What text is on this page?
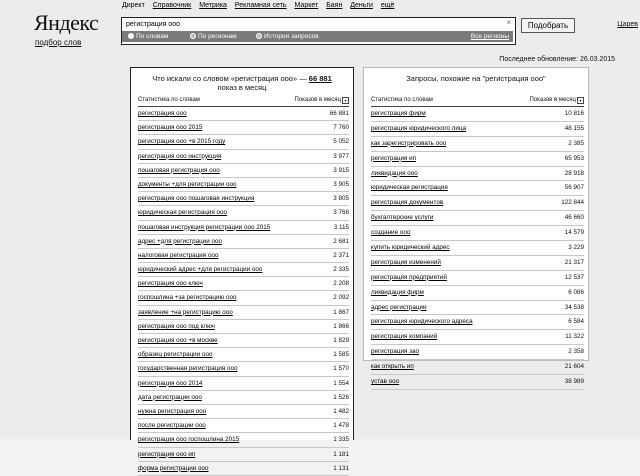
Директ Справочник Метрика Рекламная сеть Маркет Баян Деньги ещё
Царев
Яндекс
подбор слов
регистрация ооо
×
По словам	По регионам	История запросов	Все регионы
Подобрать
Последнее обновление: 26.03.2015
Что искали со словом «регистрация ооо» — 66 881
показ в месяц
Статистика по словам	Показов в месяц ▾
регистрация ооо	66 881
регистрация ооо 2015	7 760
регистрация ооо +в 2015 году	5 052
регистрация ооо инструкция	3 977
пошаговая регистрация ооо	3 915
документы +для регистрации ооо	3 905
регистрация ооо пошаговая инструкция	3 805
юридическая регистрация ооо	3 768
пошаговая инструкция регистрации ооо 2015	3 115
адрес +для регистрации ооо	2 681
налоговая регистрация ооо	2 371
юридический адрес +для регистрации ооо	2 335
регистрация ооо ключ	2 208
госпошлина +за регистрацию ооо	2 092
заявление +на регистрацию ооо	1 867
регистрация ооо под ключ	1 866
регистрация ооо +в москве	1 829
образец регистрации ооо	1 585
государственная регистрация ооо	1 570
регистрация ооо 2014	1 554
дата регистрации ооо	1 526
нужна регистрация ооо	1 482
после регистрации ооо	1 478
регистрация ооо госпошлина 2015	1 335
регистрация ооо ип	1 181
форма регистрации ооо	1 131
Запросы, похожие на "регистрация ооо"
Статистика по словам	Показов в месяц ▾
регистрация фирм	10 816
регистрация юридического лица	48 155
как зарегистрировать ооо	2 385
регистрация ип	65 953
ликвидация ооо	28 918
юридическая регистрация	56 907
регистрация документов	122 844
бухгалтерские услуги	46 660
создание ооо	14 579
купить юридический адрес	3 229
регистрация изменений	21 317
регистрация предприятий	12 537
ликвидация фирм	6 086
адрес регистрации	34 538
регистрация юридического адреса	6 584
регистрация компаний	11 322
регистрация зао	2 358
как открыть ип	21 604
устав ооо	38 989
